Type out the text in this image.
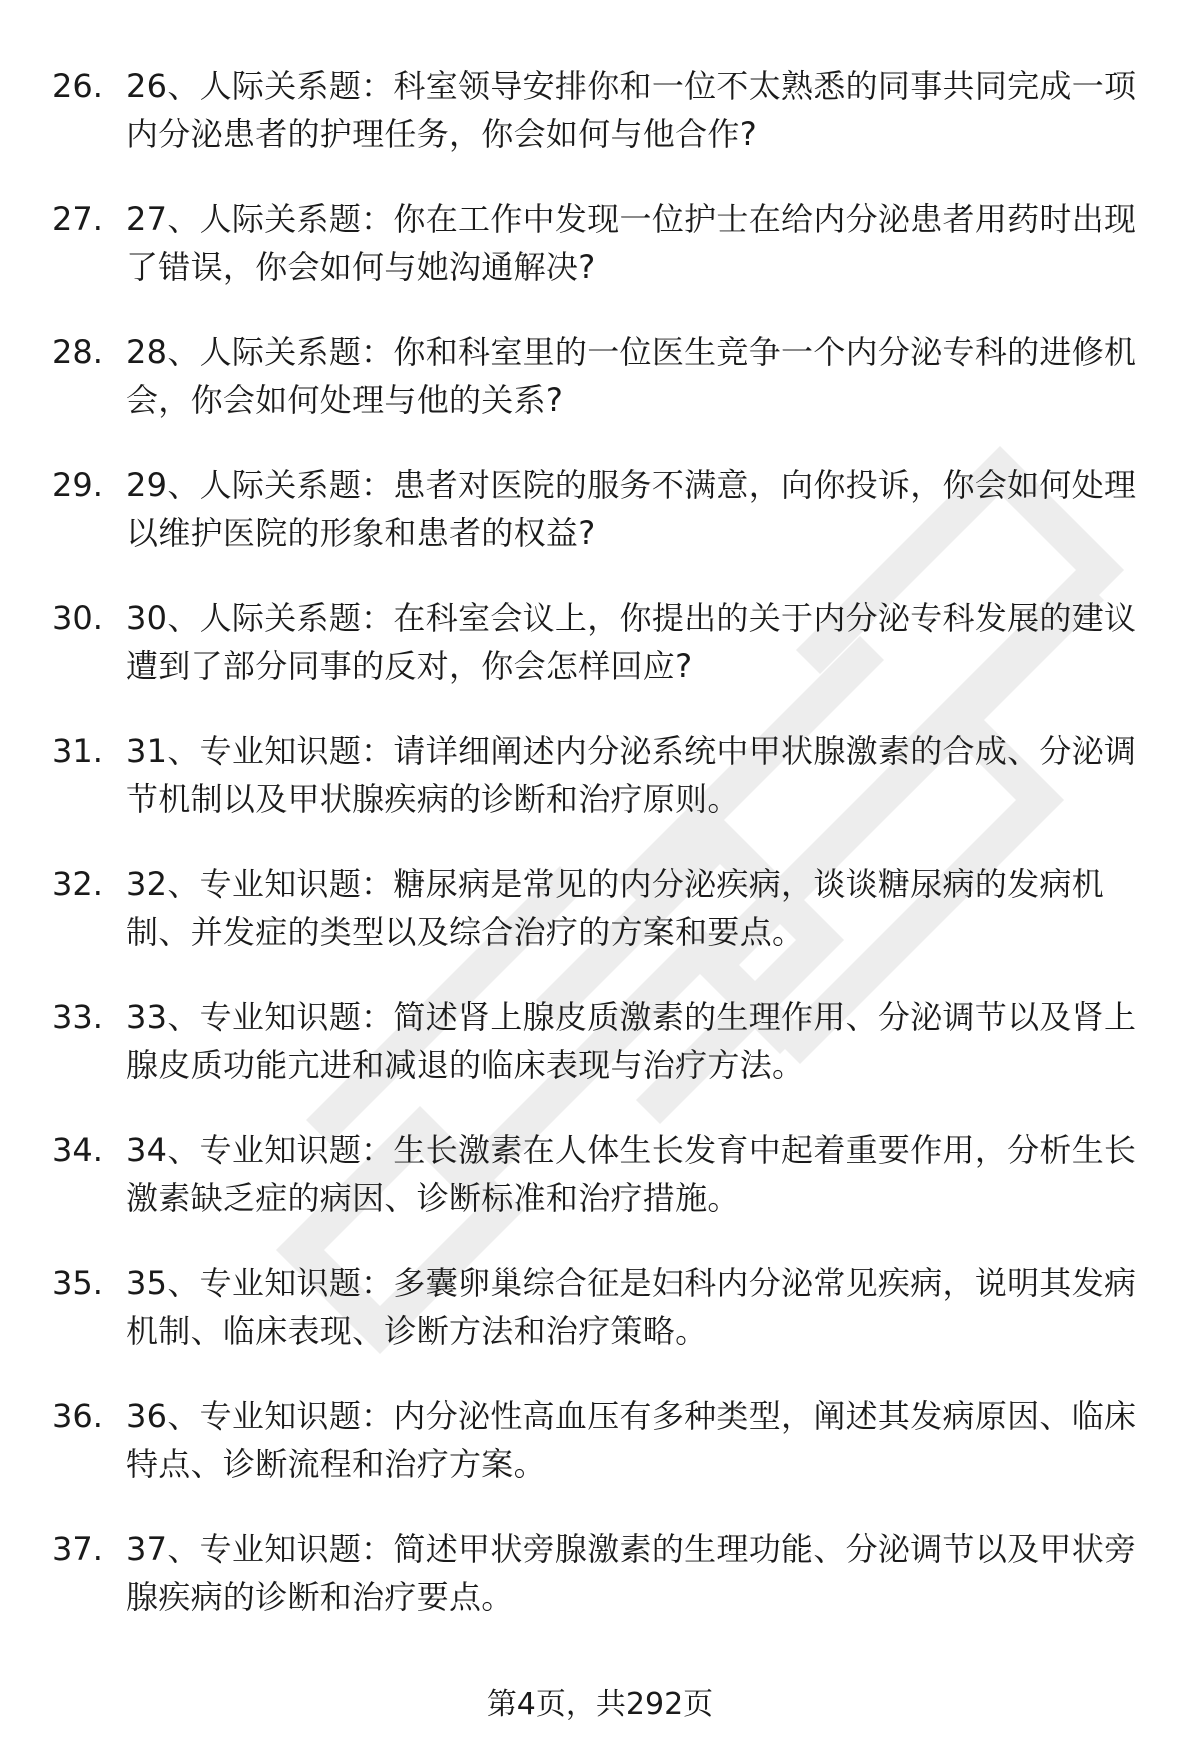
26. 26、人际关系题：科室领导安排你和一位不太熟悉的同事共同完成一项内分泌患者的护理任务，你会如何与他合作?
27. 27、人际关系题：你在工作中发现一位护士在给内分泌患者用药时出现了错误，你会如何与她沟通解决?
28. 28、人际关系题：你和科室里的一位医生竞争一个内分泌专科的进修机会，你会如何处理与他的关系?
29. 29、人际关系题：患者对医院的服务不满意，向你投诉，你会如何处理以维护医院的形象和患者的权益?
30. 30、人际关系题：在科室会议上，你提出的关于内分泌专科发展的建议遭到了部分同事的反对，你会怎样回应?
31. 31、专业知识题：请详细阐述内分泌系统中甲状腺激素的合成、分泌调节机制以及甲状腺疾病的诊断和治疗原则。
32. 32、专业知识题：糖尿病是常见的内分泌疾病，谈谈糖尿病的发病机制、并发症的类型以及综合治疗的方案和要点。
33. 33、专业知识题：简述肾上腺皮质激素的生理作用、分泌调节以及肾上腺皮质功能亢进和减退的临床表现与治疗方法。
34. 34、专业知识题：生长激素在人体生长发育中起着重要作用，分析生长激素缺乏症的病因、诊断标准和治疗措施。
35. 35、专业知识题：多囊卵巢综合征是妇科内分泌常见疾病，说明其发病机制、临床表现、诊断方法和治疗策略。
36. 36、专业知识题：内分泌性高血压有多种类型，阐述其发病原因、临床特点、诊断流程和治疗方案。
37. 37、专业知识题：简述甲状旁腺激素的生理功能、分泌调节以及甲状旁腺疾病的诊断和治疗要点。
第4页，共292页
